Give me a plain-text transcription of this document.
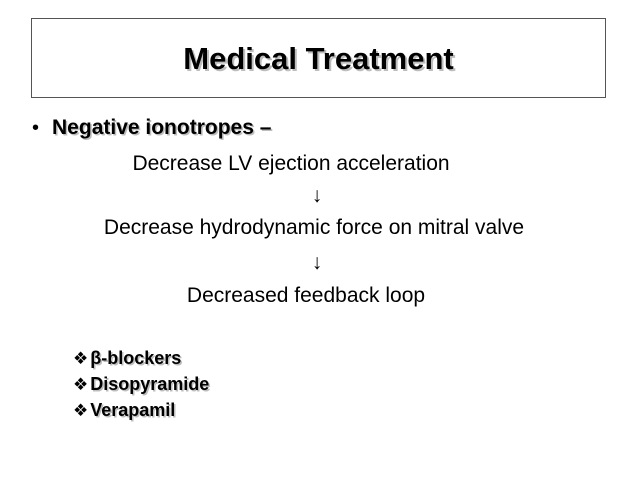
Medical Treatment
• Negative ionotropes –

Decrease LV ejection acceleration

↓

Decrease hydrodynamic force on mitral valve

↓

Decreased feedback loop

❖ β-blockers
❖ Disopyramide
❖ Verapamil
